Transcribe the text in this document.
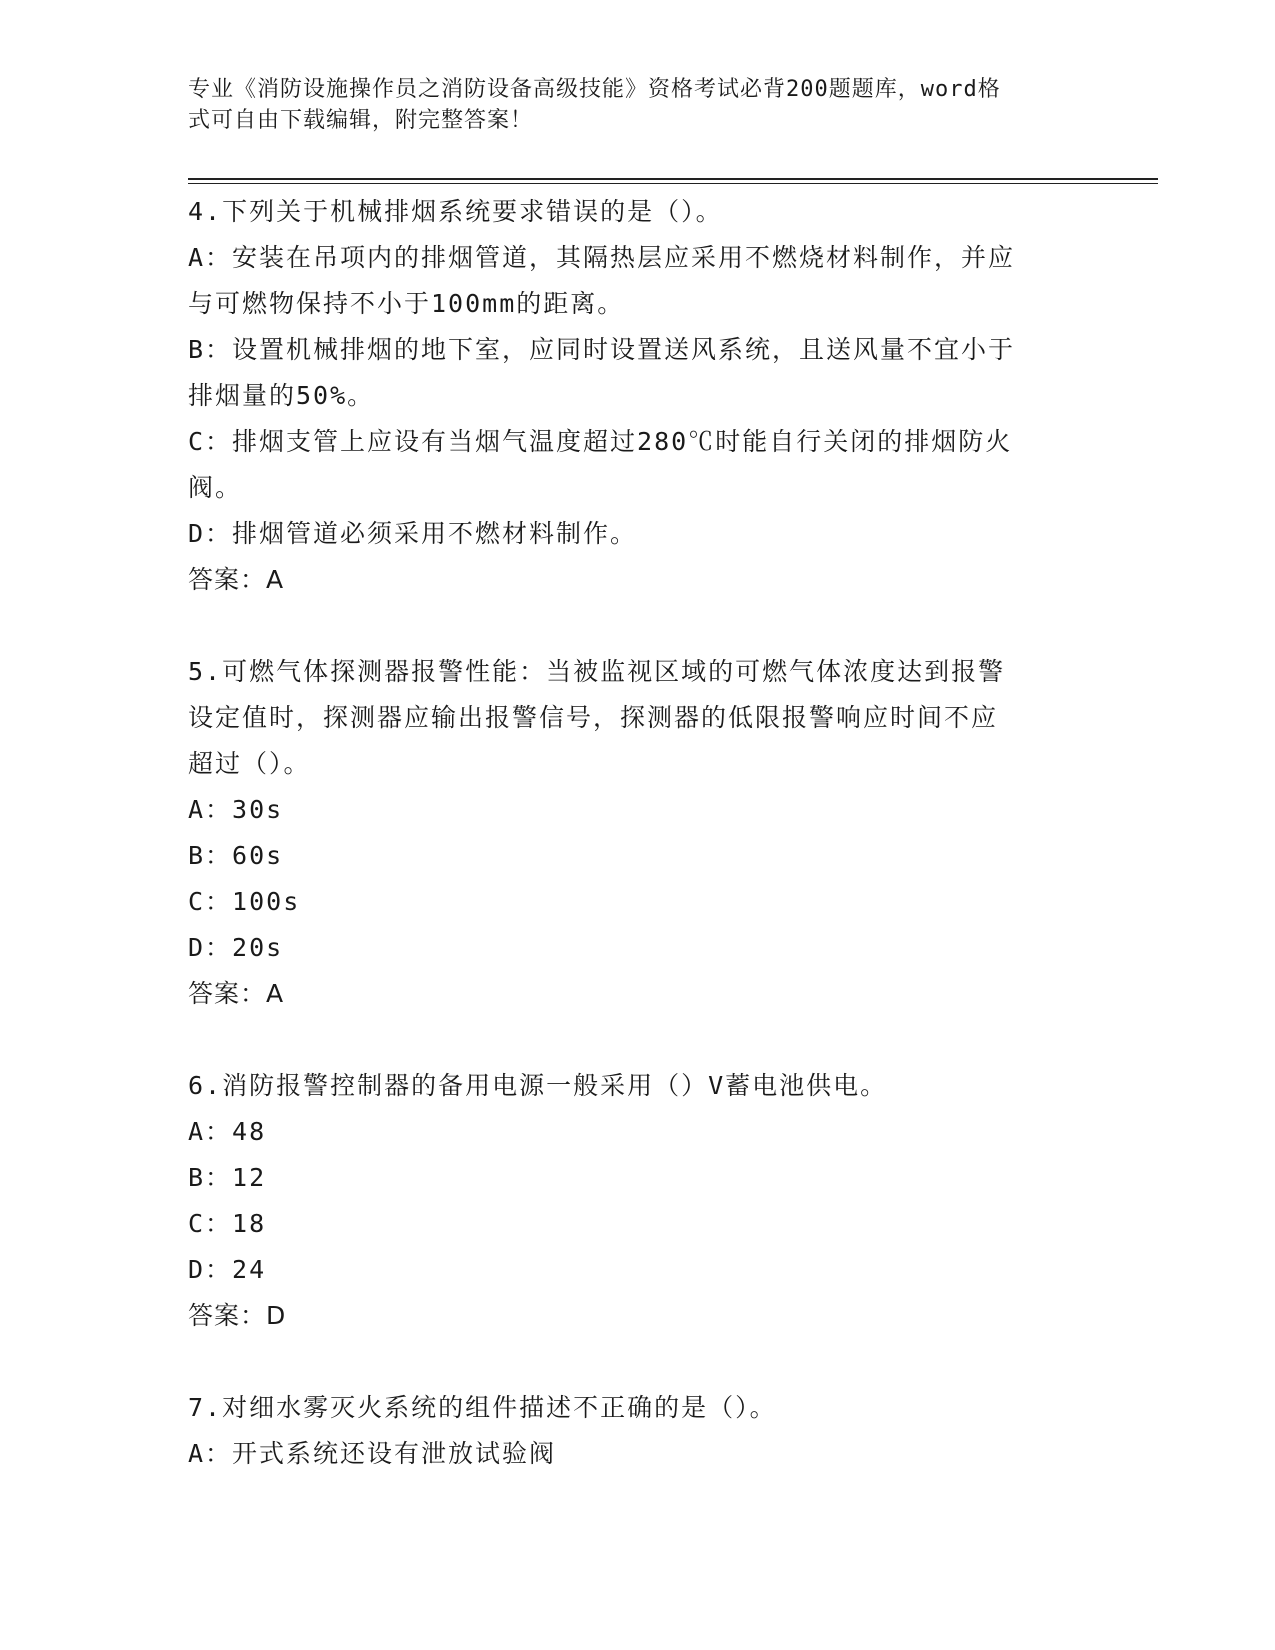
专业《消防设施操作员之消防设备高级技能》资格考试必背200题题库，word格
式可自由下载编辑，附完整答案！
4.下列关于机械排烟系统要求错误的是（）。
A：安装在吊项内的排烟管道，其隔热层应采用不燃烧材料制作，并应
与可燃物保持不小于100mm的距离。
B：设置机械排烟的地下室，应同时设置送风系统，且送风量不宜小于
排烟量的50%。
C：排烟支管上应设有当烟气温度超过280℃时能自行关闭的排烟防火
阀。
D：排烟管道必须采用不燃材料制作。
答案：A
5.可燃气体探测器报警性能：当被监视区域的可燃气体浓度达到报警
设定值时，探测器应输出报警信号，探测器的低限报警响应时间不应
超过（）。
A：30s
B：60s
C：100s
D：20s
答案：A
6.消防报警控制器的备用电源一般采用（）V蓄电池供电。
A：48
B：12
C：18
D：24
答案：D
7.对细水雾灭火系统的组件描述不正确的是（）。
A：开式系统还设有泄放试验阀
